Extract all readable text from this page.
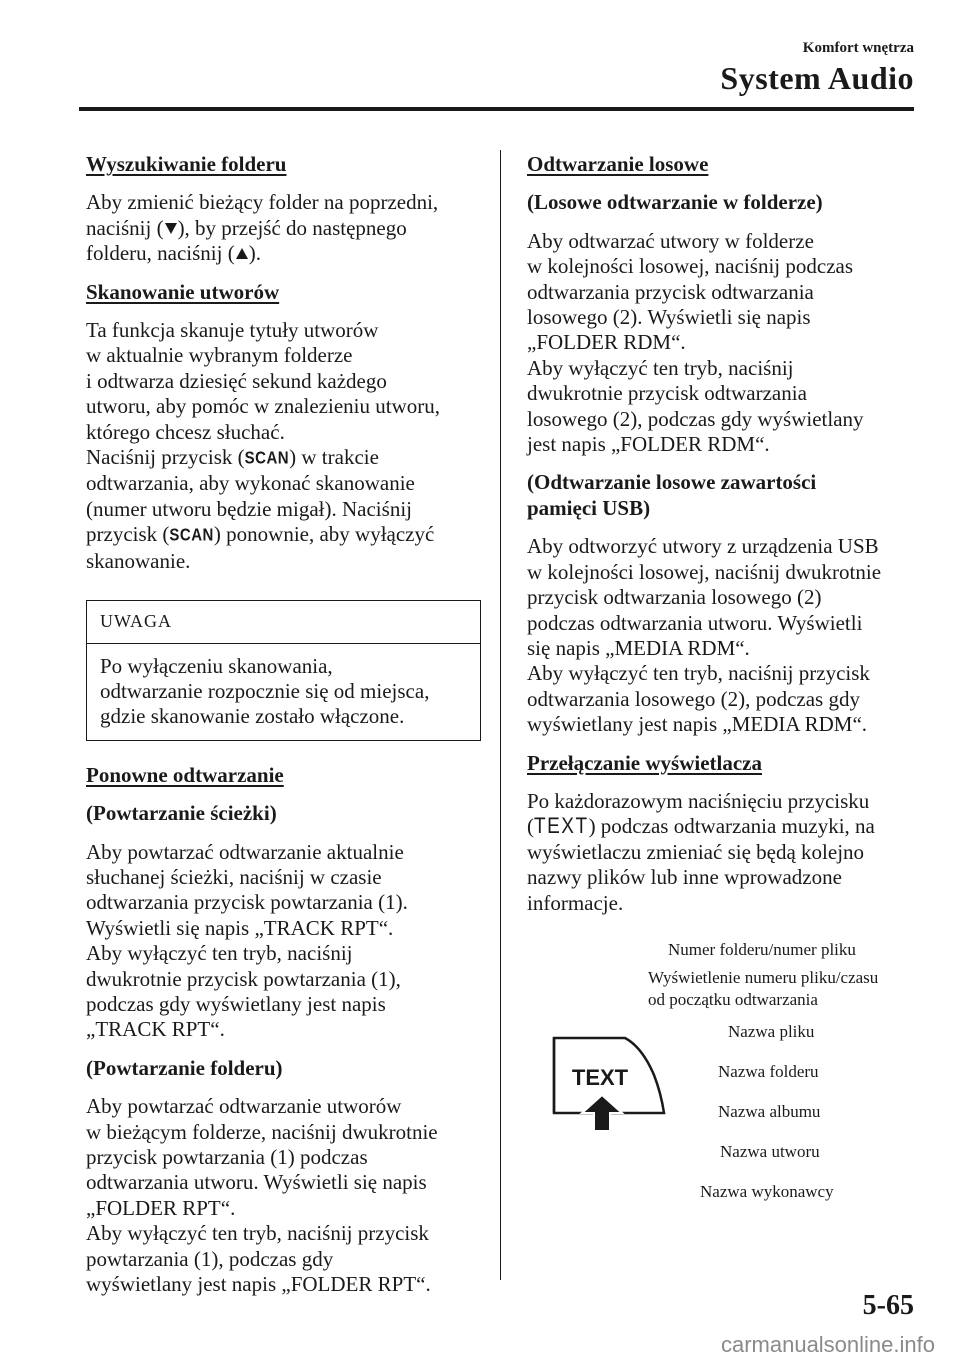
Komfort wnętrza
System Audio
Wyszukiwanie folderu
Aby zmienić bieżący folder na poprzedni,
naciśnij ( ), by przejść do następnego
folderu, naciśnij ( ).
Skanowanie utworów
Ta funkcja skanuje tytuły utworów
w aktualnie wybranym folderze
i odtwarza dziesięć sekund każdego
utworu, aby pomóc w znalezieniu utworu,
którego chcesz słuchać.
Naciśnij przycisk (SCAN) w trakcie
odtwarzania, aby wykonać skanowanie
(numer utworu będzie migał). Naciśnij
przycisk (SCAN) ponownie, aby wyłączyć
skanowanie.
UWAGA
Po wyłączeniu skanowania,
odtwarzanie rozpocznie się od miejsca,
gdzie skanowanie zostało włączone.
Ponowne odtwarzanie
(Powtarzanie ścieżki)
Aby powtarzać odtwarzanie aktualnie
słuchanej ścieżki, naciśnij w czasie
odtwarzania przycisk powtarzania (1).
Wyświetli się napis „TRACK RPT“.
Aby wyłączyć ten tryb, naciśnij
dwukrotnie przycisk powtarzania (1),
podczas gdy wyświetlany jest napis
„TRACK RPT“.
(Powtarzanie folderu)
Aby powtarzać odtwarzanie utworów
w bieżącym folderze, naciśnij dwukrotnie
przycisk powtarzania (1) podczas
odtwarzania utworu. Wyświetli się napis
„FOLDER RPT“.
Aby wyłączyć ten tryb, naciśnij przycisk
powtarzania (1), podczas gdy
wyświetlany jest napis „FOLDER RPT“.
Odtwarzanie losowe
(Losowe odtwarzanie w folderze)
Aby odtwarzać utwory w folderze
w kolejności losowej, naciśnij podczas
odtwarzania przycisk odtwarzania
losowego (2). Wyświetli się napis
„FOLDER RDM“.
Aby wyłączyć ten tryb, naciśnij
dwukrotnie przycisk odtwarzania
losowego (2), podczas gdy wyświetlany
jest napis „FOLDER RDM“.
(Odtwarzanie losowe zawartości
pamięci USB)
Aby odtworzyć utwory z urządzenia USB
w kolejności losowej, naciśnij dwukrotnie
przycisk odtwarzania losowego (2)
podczas odtwarzania utworu. Wyświetli
się napis „MEDIA RDM“.
Aby wyłączyć ten tryb, naciśnij przycisk
odtwarzania losowego (2), podczas gdy
wyświetlany jest napis „MEDIA RDM“.
Przełączanie wyświetlacza
Po każdorazowym naciśnięciu przycisku
(TEXT) podczas odtwarzania muzyki, na
wyświetlaczu zmieniać się będą kolejno
nazwy plików lub inne wprowadzone
informacje.
TEXT
Numer folderu/numer pliku
Wyświetlenie numeru pliku/czasu
od początku odtwarzania
Nazwa pliku
Nazwa folderu
Nazwa albumu
Nazwa utworu
Nazwa wykonawcy
5-65
carmanualsonline.info
